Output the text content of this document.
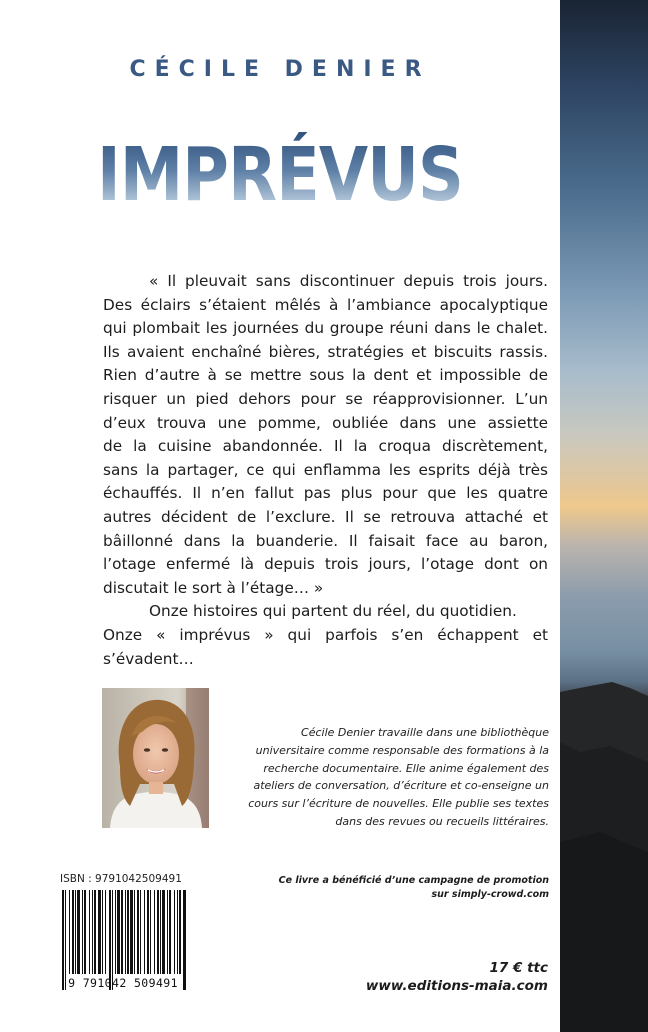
CÉCILE DENIER
IMPRÉVUS
« Il pleuvait sans discontinuer depuis trois jours.
Des éclairs s’étaient mêlés à l’ambiance apocalyptique
qui plombait les journées du groupe réuni dans le chalet.
Ils avaient enchaîné bières, stratégies et biscuits rassis.
Rien d’autre à se mettre sous la dent et impossible de
risquer un pied dehors pour se réapprovisionner. L’un
d’eux trouva une pomme, oubliée dans une assiette
de la cuisine abandonnée. Il la croqua discrètement,
sans la partager, ce qui enflamma les esprits déjà très
échauffés. Il n’en fallut pas plus pour que les quatre
autres décident de l’exclure. Il se retrouva attaché et
bâillonné dans la buanderie. Il faisait face au baron,
l’otage enfermé là depuis trois jours, l’otage dont on
discutait le sort à l’étage… »
Onze histoires qui partent du réel, du quotidien.
Onze « imprévus » qui parfois s’en échappent et
s’évadent…
Cécile Denier travaille dans une bibliothèque
universitaire comme responsable des formations à la
recherche documentaire. Elle anime également des
ateliers de conversation, d’écriture et co-enseigne un
cours sur l’écriture de nouvelles. Elle publie ses textes
dans des revues ou recueils littéraires.
ISBN : 9791042509491
9 791042 509491
Ce livre a bénéficié d’une campagne de promotion
sur simply-crowd.com
17 € ttc
www.editions-maia.com
